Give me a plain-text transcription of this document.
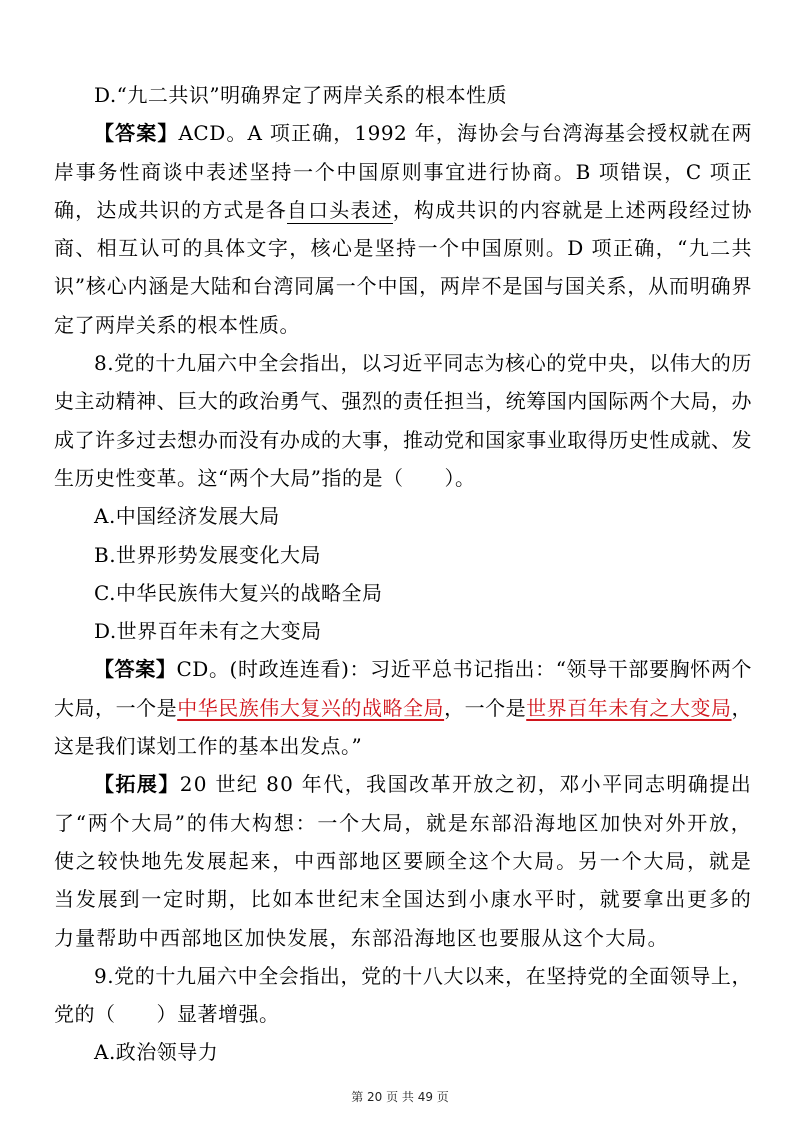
D.“九二共识”明确界定了两岸关系的根本性质

【答案】ACD。A 项正确，1992 年，海协会与台湾海基会授权就在两岸事务性商谈中表述坚持一个中国原则事宜进行协商。B 项错误，C 项正确，达成共识的方式是各自口头表述，构成共识的内容就是上述两段经过协商、相互认可的具体文字，核心是坚持一个中国原则。D 项正确，“九二共识”核心内涵是大陆和台湾同属一个中国，两岸不是国与国关系，从而明确界定了两岸关系的根本性质。

8.党的十九届六中全会指出，以习近平同志为核心的党中央，以伟大的历史主动精神、巨大的政治勇气、强烈的责任担当，统筹国内国际两个大局，办成了许多过去想办而没有办成的大事，推动党和国家事业取得历史性成就、发生历史性变革。这“两个大局”指的是（　　）。

A.中国经济发展大局

B.世界形势发展变化大局

C.中华民族伟大复兴的战略全局

D.世界百年未有之大变局

【答案】CD。(时政连连看)：习近平总书记指出：“领导干部要胸怀两个大局，一个是中华民族伟大复兴的战略全局，一个是世界百年未有之大变局，这是我们谋划工作的基本出发点。”

【拓展】20 世纪 80 年代，我国改革开放之初，邓小平同志明确提出了“两个大局”的伟大构想：一个大局，就是东部沿海地区加快对外开放，使之较快地先发展起来，中西部地区要顾全这个大局。另一个大局，就是当发展到一定时期，比如本世纪末全国达到小康水平时，就要拿出更多的力量帮助中西部地区加快发展，东部沿海地区也要服从这个大局。

9.党的十九届六中全会指出，党的十八大以来，在坚持党的全面领导上，党的（　　）显著增强。

A.政治领导力

第 20 页 共 49 页
